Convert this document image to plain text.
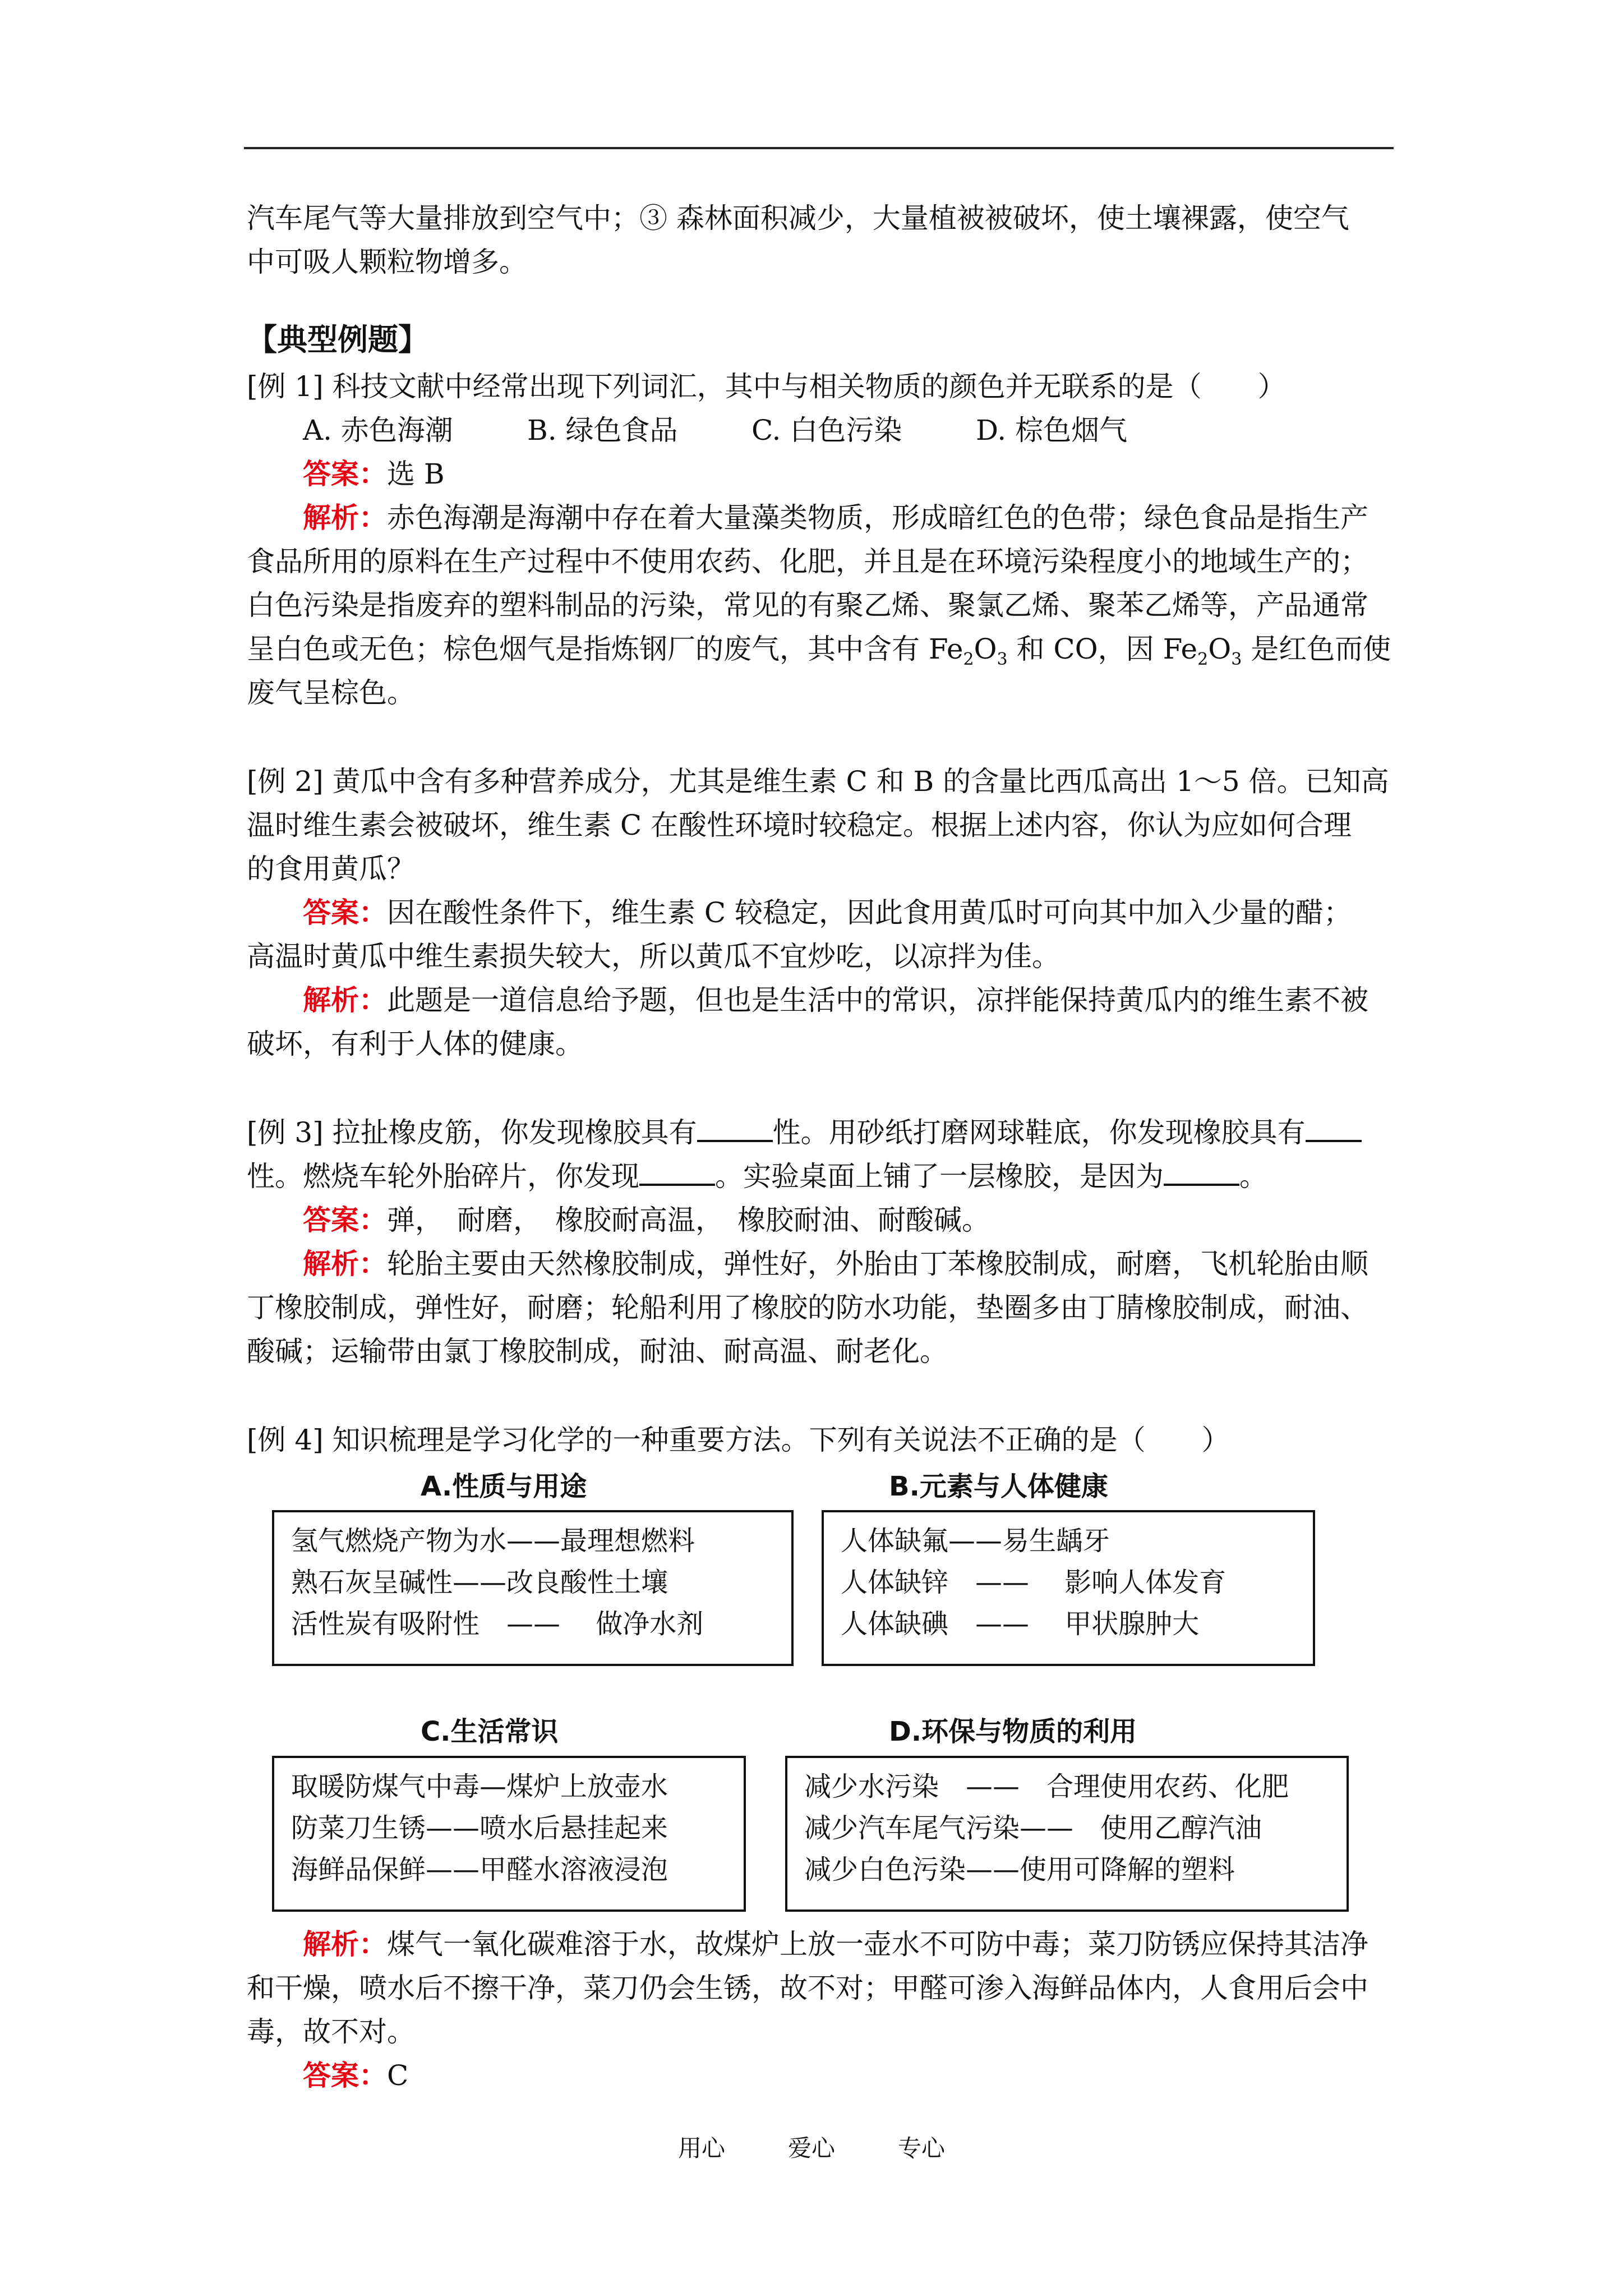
汽车尾气等大量排放到空气中；③ 森林面积减少，大量植被被破坏，使土壤裸露，使空气

中可吸人颗粒物增多。

【典型例题】

[例 1] 科技文献中经常出现下列词汇，其中与相关物质的颜色并无联系的是（　　）

A. 赤色海潮	B. 绿色食品	C. 白色污染	D. 棕色烟气

答案：选 B

解析：赤色海潮是海潮中存在着大量藻类物质，形成暗红色的色带；绿色食品是指生产

食品所用的原料在生产过程中不使用农药、化肥，并且是在环境污染程度小的地域生产的；

白色污染是指废弃的塑料制品的污染，常见的有聚乙烯、聚氯乙烯、聚苯乙烯等，产品通常

呈白色或无色；棕色烟气是指炼钢厂的废气，其中含有 $Fe_2O_3$ 和 CO，因 $Fe_2O_3$ 是红色而使

废气呈棕色。

[例 2] 黄瓜中含有多种营养成分，尤其是维生素 C 和 B 的含量比西瓜高出 1～5 倍。已知高

温时维生素会被破坏，维生素 C 在酸性环境时较稳定。根据上述内容，你认为应如何合理

的食用黄瓜？

答案：因在酸性条件下，维生素 C 较稳定，因此食用黄瓜时可向其中加入少量的醋；

高温时黄瓜中维生素损失较大，所以黄瓜不宜炒吃，以凉拌为佳。

解析：此题是一道信息给予题，但也是生活中的常识，凉拌能保持黄瓜内的维生素不被

破坏，有利于人体的健康。

[例 3] 拉扯橡皮筋，你发现橡胶具有	性。用砂纸打磨网球鞋底，你发现橡胶具有

性。燃烧车轮外胎碎片，你发现	。实验桌面上铺了一层橡胶，是因为	。

答案：弹，　耐磨，　橡胶耐高温，　橡胶耐油、耐酸碱。

解析：轮胎主要由天然橡胶制成，弹性好，外胎由丁苯橡胶制成，耐磨，飞机轮胎由顺

丁橡胶制成，弹性好，耐磨；轮船利用了橡胶的防水功能，垫圈多由丁腈橡胶制成，耐油、

酸碱；运输带由氯丁橡胶制成，耐油、耐高温、耐老化。

[例 4] 知识梳理是学习化学的一种重要方法。下列有关说法不正确的是（　　）

A.性质与用途

氢气燃烧产物为水——最理想燃料

熟石灰呈碱性——改良酸性土壤

活性炭有吸附性　——　 做净水剂

B.元素与人体健康

人体缺氟——易生龋牙

人体缺锌　——　 影响人体发育

人体缺碘　——　 甲状腺肿大

C.生活常识

取暖防煤气中毒—煤炉上放壶水

防菜刀生锈——喷水后悬挂起来

海鲜品保鲜——甲醛水溶液浸泡

D.环保与物质的利用

减少水污染　——　合理使用农药、化肥

减少汽车尾气污染——　使用乙醇汽油

减少白色污染——使用可降解的塑料

解析：煤气一氧化碳难溶于水，故煤炉上放一壶水不可防中毒；菜刀防锈应保持其洁净

和干燥，喷水后不擦干净，菜刀仍会生锈，故不对；甲醛可渗入海鲜品体内，人食用后会中

毒，故不对。

答案：C

用心	爱心	专心
